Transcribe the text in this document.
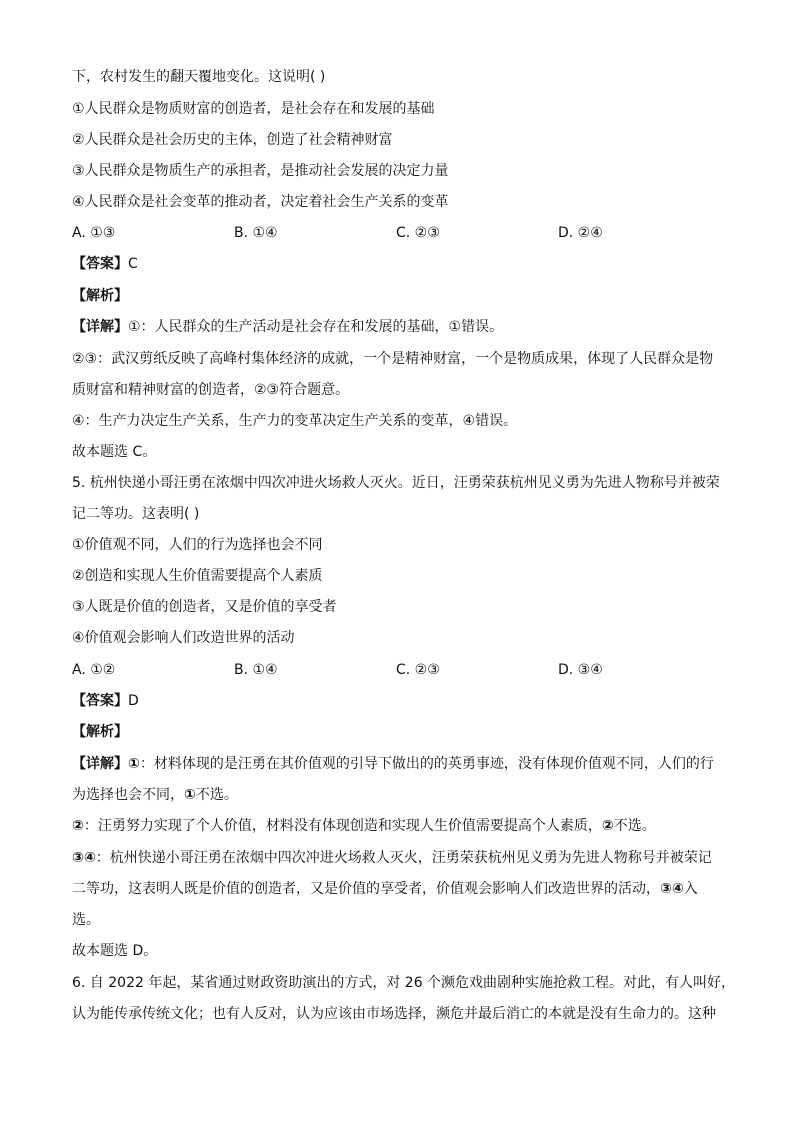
下，农村发生的翻天覆地变化。这说明( )
①人民群众是物质财富的创造者，是社会存在和发展的基础
②人民群众是社会历史的主体，创造了社会精神财富
③人民群众是物质生产的承担者，是推动社会发展的决定力量
④人民群众是社会变革的推动者，决定着社会生产关系的变革
A. ①③	B. ①④	C. ②③	D. ②④
【答案】C
【解析】
【详解】①：人民群众的生产活动是社会存在和发展的基础，①错误。
②③：武汉剪纸反映了高峰村集体经济的成就，一个是精神财富，一个是物质成果，体现了人民群众是物
质财富和精神财富的创造者，②③符合题意。
④：生产力决定生产关系，生产力的变革决定生产关系的变革，④错误。
故本题选 C。
5. 杭州快递小哥汪勇在浓烟中四次冲进火场救人灭火。近日，汪勇荣获杭州见义勇为先进人物称号并被荣
记二等功。这表明( )
①价值观不同，人们的行为选择也会不同
②创造和实现人生价值需要提高个人素质
③人既是价值的创造者，又是价值的享受者
④价值观会影响人们改造世界的活动
A. ①②	B. ①④	C. ②③	D. ③④
【答案】D
【解析】
【详解】①：材料体现的是汪勇在其价值观的引导下做出的的英勇事迹，没有体现价值观不同，人们的行
为选择也会不同，①不选。
②：汪勇努力实现了个人价值，材料没有体现创造和实现人生价值需要提高个人素质，②不选。
③④：杭州快递小哥汪勇在浓烟中四次冲进火场救人灭火，汪勇荣获杭州见义勇为先进人物称号并被荣记
二等功，这表明人既是价值的创造者，又是价值的享受者，价值观会影响人们改造世界的活动，③④入
选。
故本题选 D。
6. 自 2022 年起，某省通过财政资助演出的方式，对 26 个濒危戏曲剧种实施抢救工程。对此，有人叫好，
认为能传承传统文化；也有人反对，认为应该由市场选择，濒危并最后消亡的本就是没有生命力的。这种
